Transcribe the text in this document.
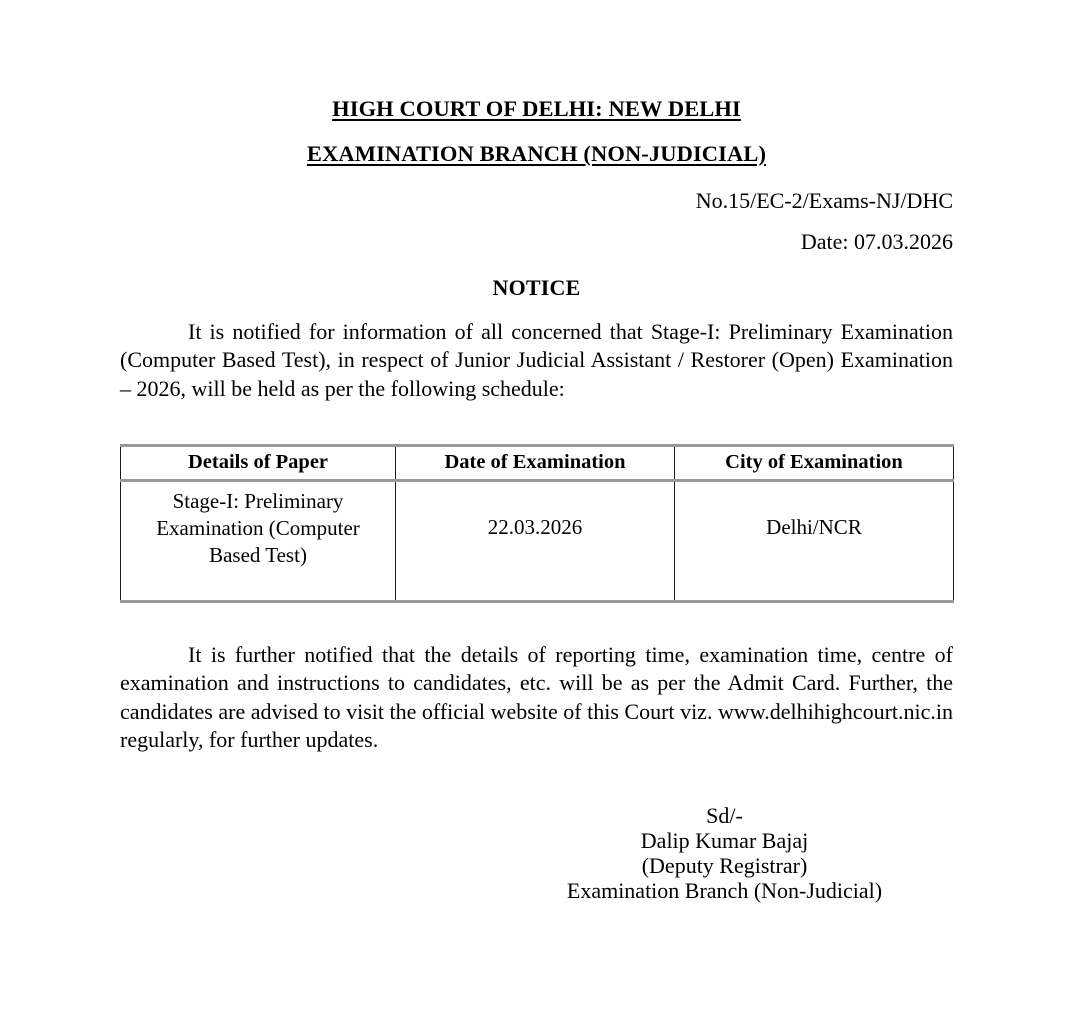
HIGH COURT OF DELHI: NEW DELHI
EXAMINATION BRANCH (NON-JUDICIAL)
No.15/EC-2/Exams-NJ/DHC
Date: 07.03.2026
NOTICE

It is notified for information of all concerned that Stage-I: Preliminary Examination (Computer Based Test), in respect of Junior Judicial Assistant / Restorer (Open) Examination – 2026, will be held as per the following schedule:

Details of Paper	Date of Examination	City of Examination
Stage-I: Preliminary Examination (Computer Based Test)	22.03.2026	Delhi/NCR

It is further notified that the details of reporting time, examination time, centre of examination and instructions to candidates, etc. will be as per the Admit Card. Further, the candidates are advised to visit the official website of this Court viz. www.delhihighcourt.nic.in regularly, for further updates.

Sd/-
Dalip Kumar Bajaj
(Deputy Registrar)
Examination Branch (Non-Judicial)
